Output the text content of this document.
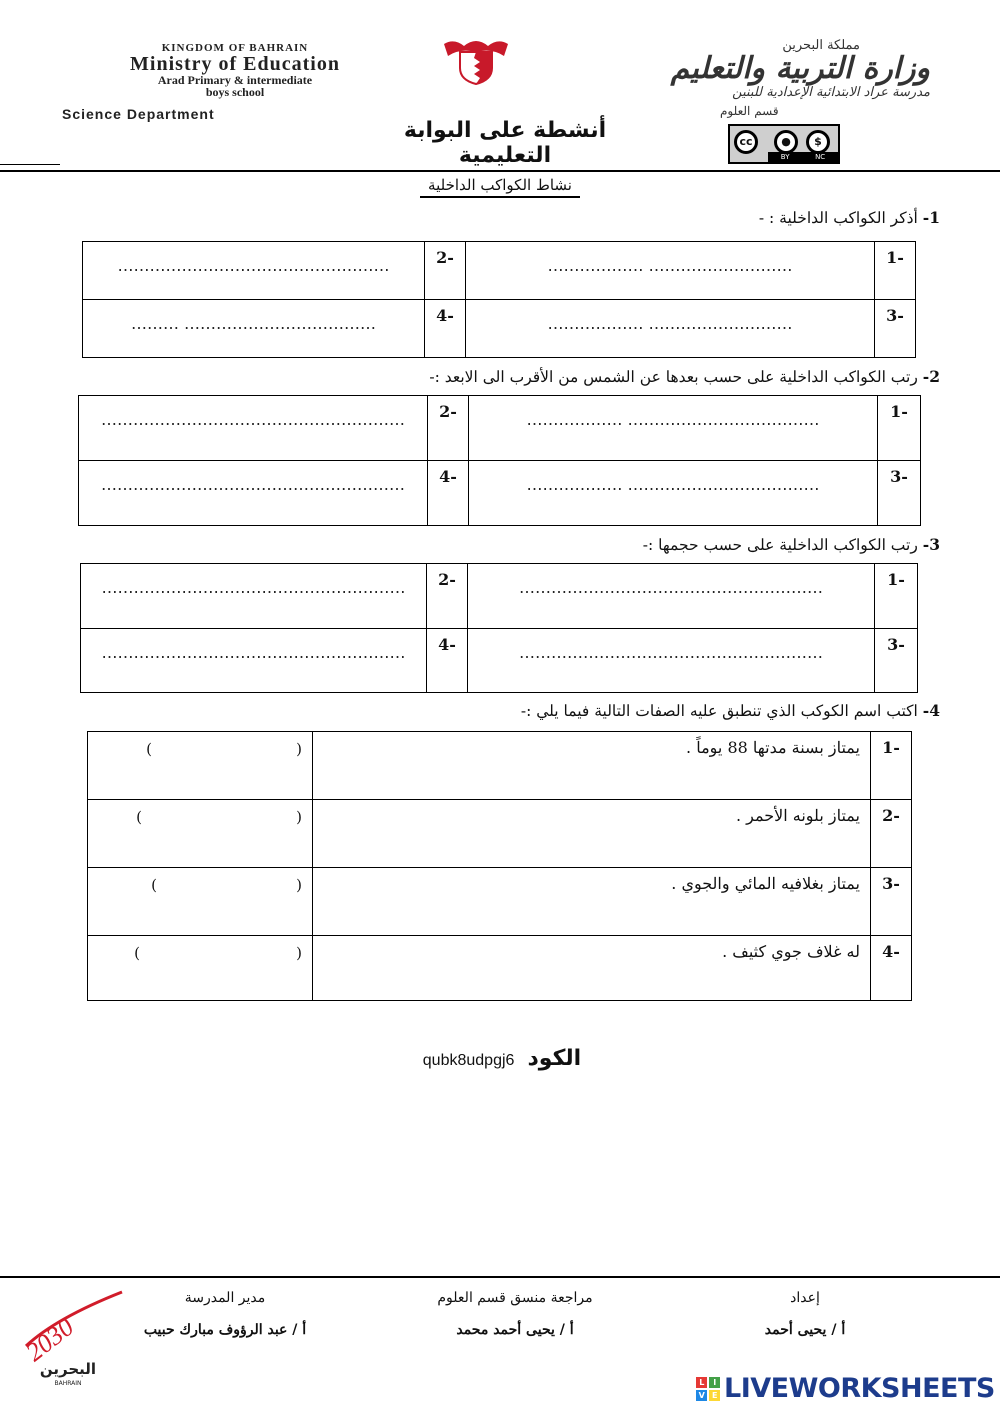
KINGDOM OF BAHRAIN
Ministry of Education
Arad Primary & intermediate
boys school
Science Department
مملكة البحرين
وزارة التربية والتعليم
مدرسة عراد الابتدائية الإعدادية للبنين
قسم العلوم
أنشطة على البوابة التعليمية
cc	●	$
BY	NC
نشاط الكواكب الداخلية
1- أذكر الكواكب الداخلية : -
-1	……………………… ………………	-2	……………………………………………
-3	……………………… ………………	-4	……………………………… ………
2- رتب الكواكب الداخلية على حسب بعدها عن الشمس من الأقرب الى الابعد :-
-1	……………………………… ………………	-2	…………………………………………………
-3	……………………………… ………………	-4	…………………………………………………
3- رتب الكواكب الداخلية على حسب حجمها :-
-1	…………………………………………………	-2	…………………………………………………
-3	…………………………………………………	-4	…………………………………………………
4- اكتب اسم الكوكب الذي تنطبق عليه الصفات التالية فيما يلي :-
-1	يمتاز بسنة مدتها 88 يوماً .	(
)

-2	يمتاز بلونه الأحمر .	(
)

-3	يمتاز بغلافيه المائي والجوي .	(
)

-4	له غلاف جوي كثيف .	(
)
الكود qubk8udpgj6
إعداد
أ / يحيى أحمد
مراجعة منسق قسم العلوم
أ / يحيى أحمد محمد
مدير المدرسة
أ / عبد الرؤوف مبارك حبيب
2030
البحرين
BAHRAIN	L	I
V E LIVEWORKSHEETS
